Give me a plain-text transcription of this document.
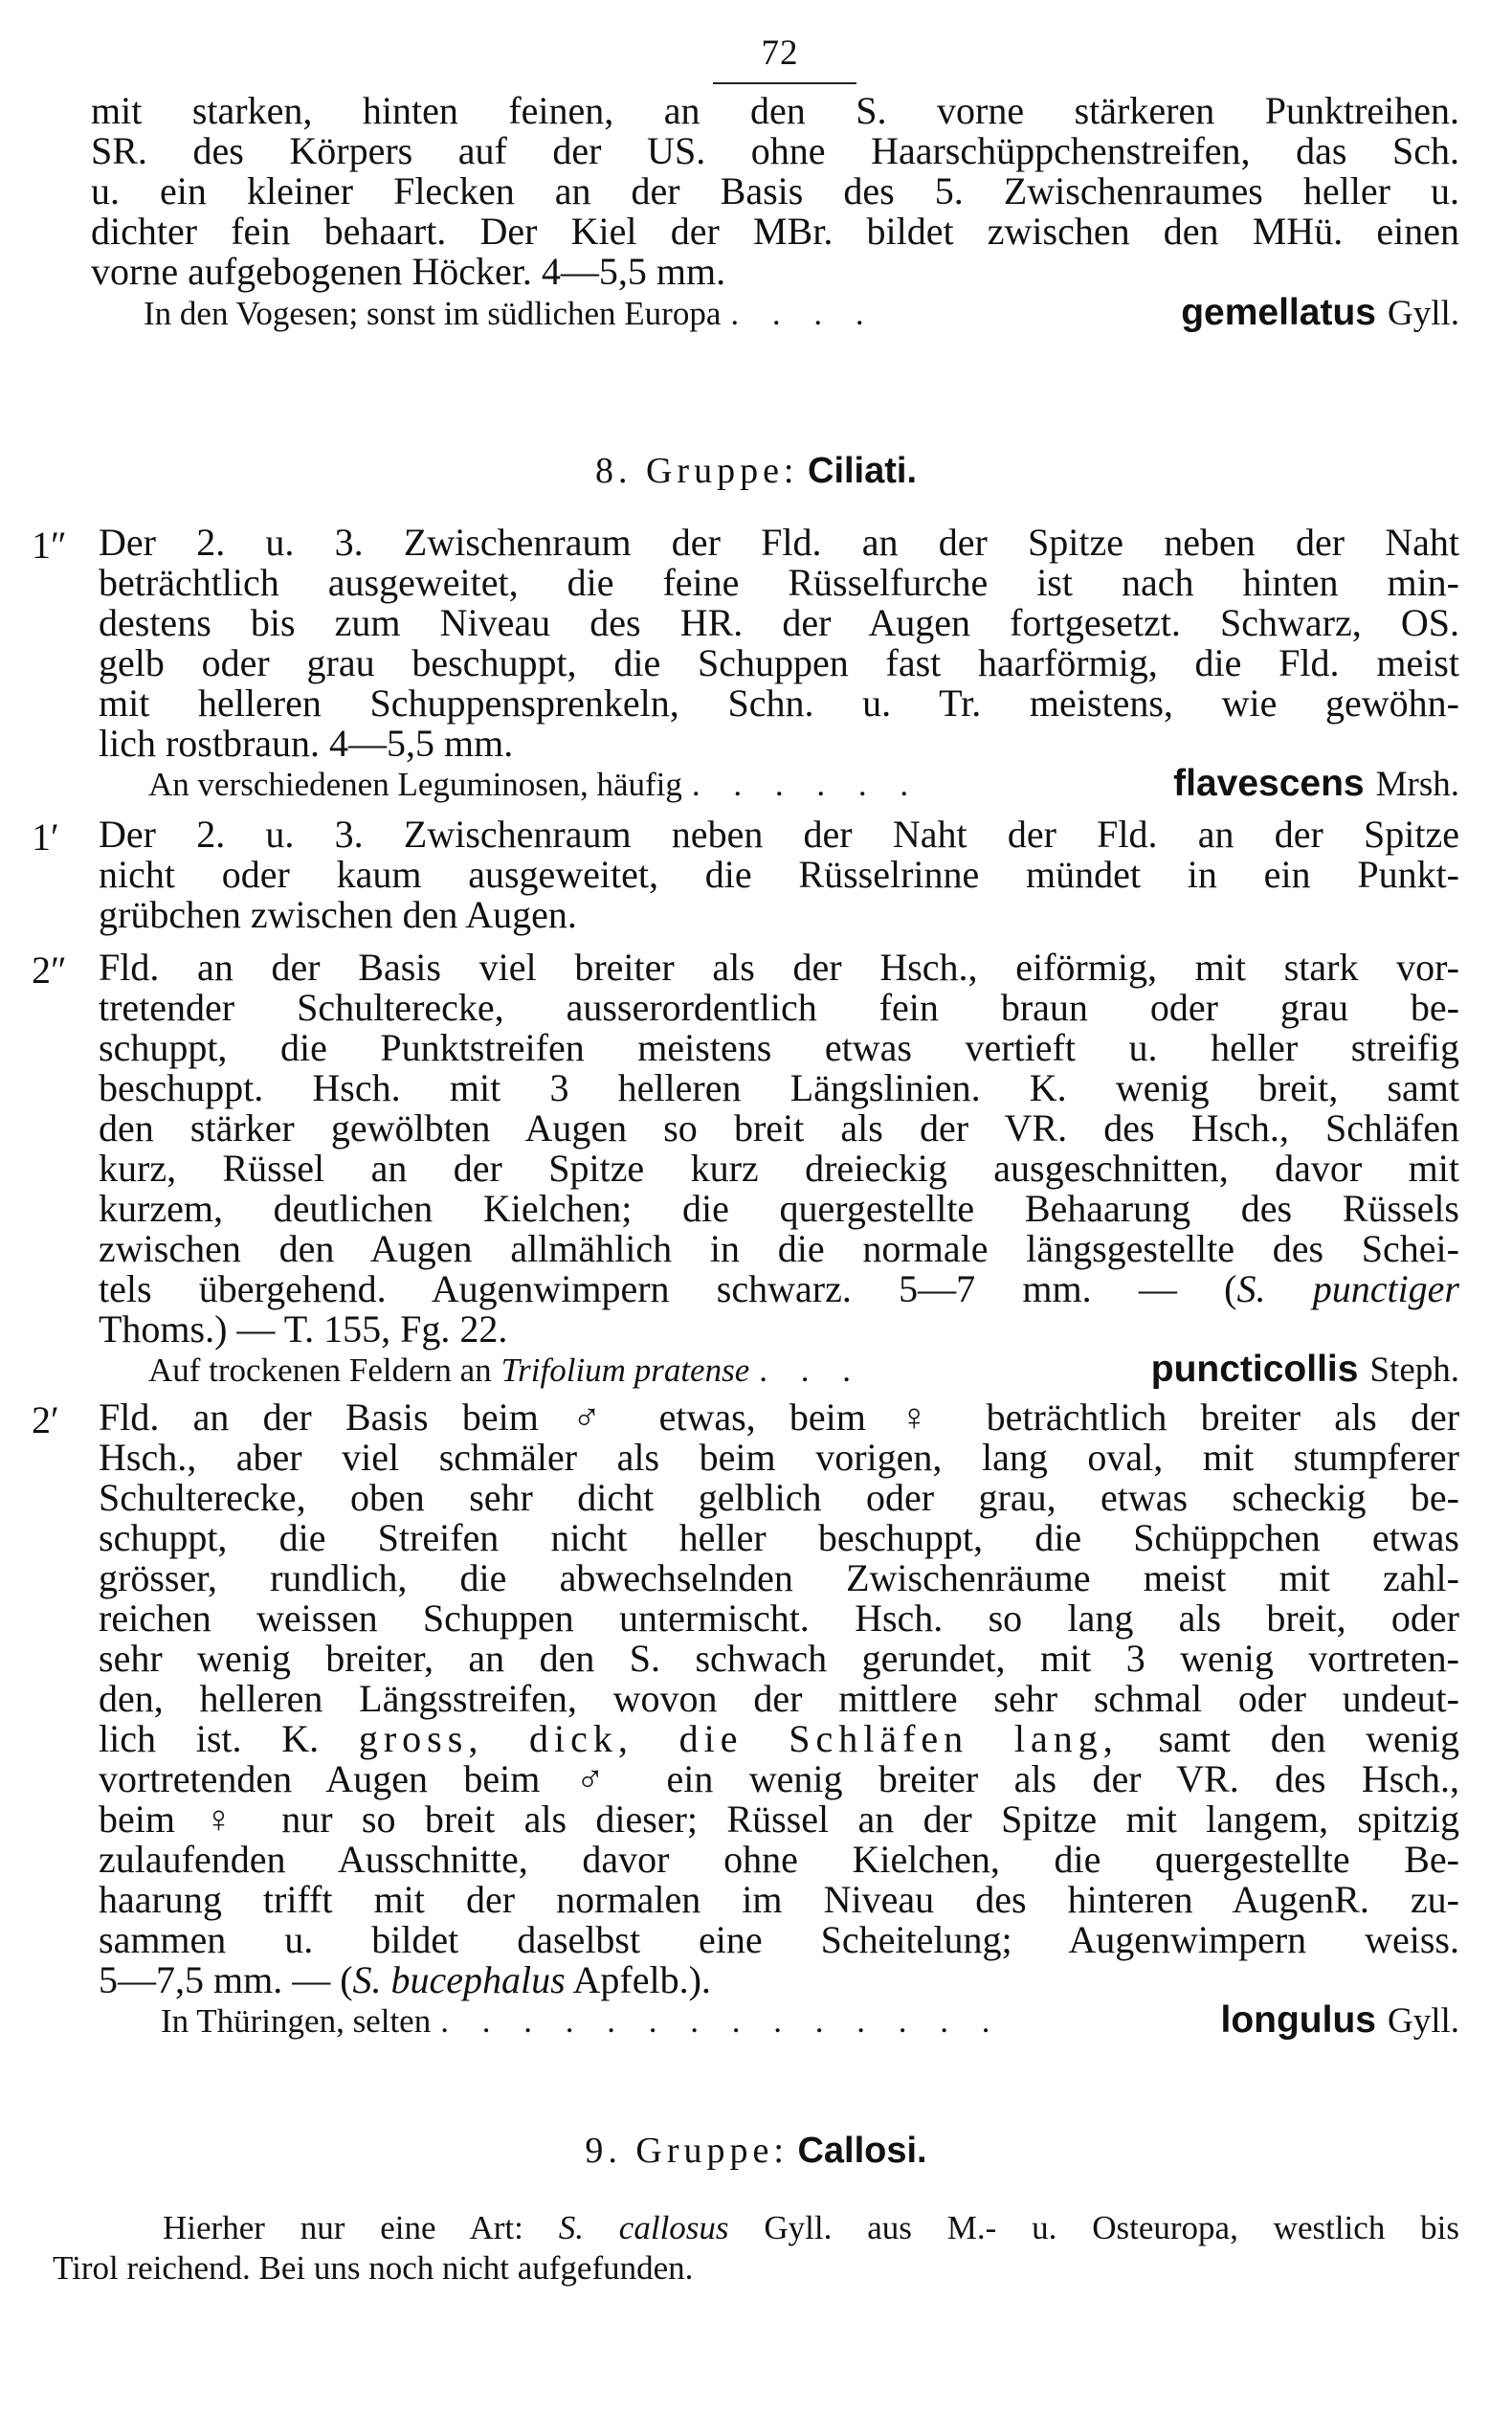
72

mit starken, hinten feinen, an den S. vorne stärkeren Punktreihen.

SR. des Körpers auf der US. ohne Haarschüppchenstreifen, das Sch.

u. ein kleiner Flecken an der Basis des 5. Zwischenraumes heller u.

dichter fein behaart. Der Kiel der MBr. bildet zwischen den MHü. einen

vorne aufgebogenen Höcker. 4—5,5 mm.

In den Vogesen; sonst im südlichen Europa . . . .	gemellatus Gyll.
8. Gruppe: Ciliati.
1″ Der 2. u. 3. Zwischenraum der Fld. an der Spitze neben der Naht

beträchtlich ausgeweitet, die feine Rüsselfurche ist nach hinten min-

destens bis zum Niveau des HR. der Augen fortgesetzt. Schwarz, OS.

gelb oder grau beschuppt, die Schuppen fast haarförmig, die Fld. meist

mit helleren Schuppensprenkeln, Schn. u. Tr. meistens, wie gewöhn-

lich rostbraun. 4—5,5 mm.

An verschiedenen Leguminosen, häufig . . . . . .	flavescens Mrsh.
1′ Der 2. u. 3. Zwischenraum neben der Naht der Fld. an der Spitze

nicht oder kaum ausgeweitet, die Rüsselrinne mündet in ein Punkt-

grübchen zwischen den Augen.

2″ Fld. an der Basis viel breiter als der Hsch., eiförmig, mit stark vor-

tretender Schulterecke, ausserordentlich fein braun oder grau be-

schuppt, die Punktstreifen meistens etwas vertieft u. heller streifig

beschuppt. Hsch. mit 3 helleren Längslinien. K. wenig breit, samt

den stärker gewölbten Augen so breit als der VR. des Hsch., Schläfen

kurz, Rüssel an der Spitze kurz dreieckig ausgeschnitten, davor mit

kurzem, deutlichen Kielchen; die quergestellte Behaarung des Rüssels

zwischen den Augen allmählich in die normale längsgestellte des Schei-

tels übergehend. Augenwimpern schwarz. 5—7 mm. — (S. punctiger

Thoms.) — T. 155, Fg. 22.

Auf trockenen Feldern an Trifolium pratense . . .	puncticollis Steph.
2′ Fld. an der Basis beim ♂ etwas, beim ♀ beträchtlich breiter als der

Hsch., aber viel schmäler als beim vorigen, lang oval, mit stumpferer

Schulterecke, oben sehr dicht gelblich oder grau, etwas scheckig be-

schuppt, die Streifen nicht heller beschuppt, die Schüppchen etwas

grösser, rundlich, die abwechselnden Zwischenräume meist mit zahl-

reichen weissen Schuppen untermischt. Hsch. so lang als breit, oder

sehr wenig breiter, an den S. schwach gerundet, mit 3 wenig vortreten-

den, helleren Längsstreifen, wovon der mittlere sehr schmal oder undeut-

lich ist. K. gross, dick, die Schläfen lang, samt den wenig

vortretenden Augen beim ♂ ein wenig breiter als der VR. des Hsch.,

beim ♀ nur so breit als dieser; Rüssel an der Spitze mit langem, spitzig

zulaufenden Ausschnitte, davor ohne Kielchen, die quergestellte Be-

haarung trifft mit der normalen im Niveau des hinteren AugenR. zu-

sammen u. bildet daselbst eine Scheitelung; Augenwimpern weiss.

5—7,5 mm. — (S. bucephalus Apfelb.).

In Thüringen, selten . . . . . . . . . . . . . .	longulus Gyll.
9. Gruppe: Callosi.

Hierher nur eine Art: S. callosus Gyll. aus M.- u. Osteuropa, westlich bis

Tirol reichend. Bei uns noch nicht aufgefunden.
